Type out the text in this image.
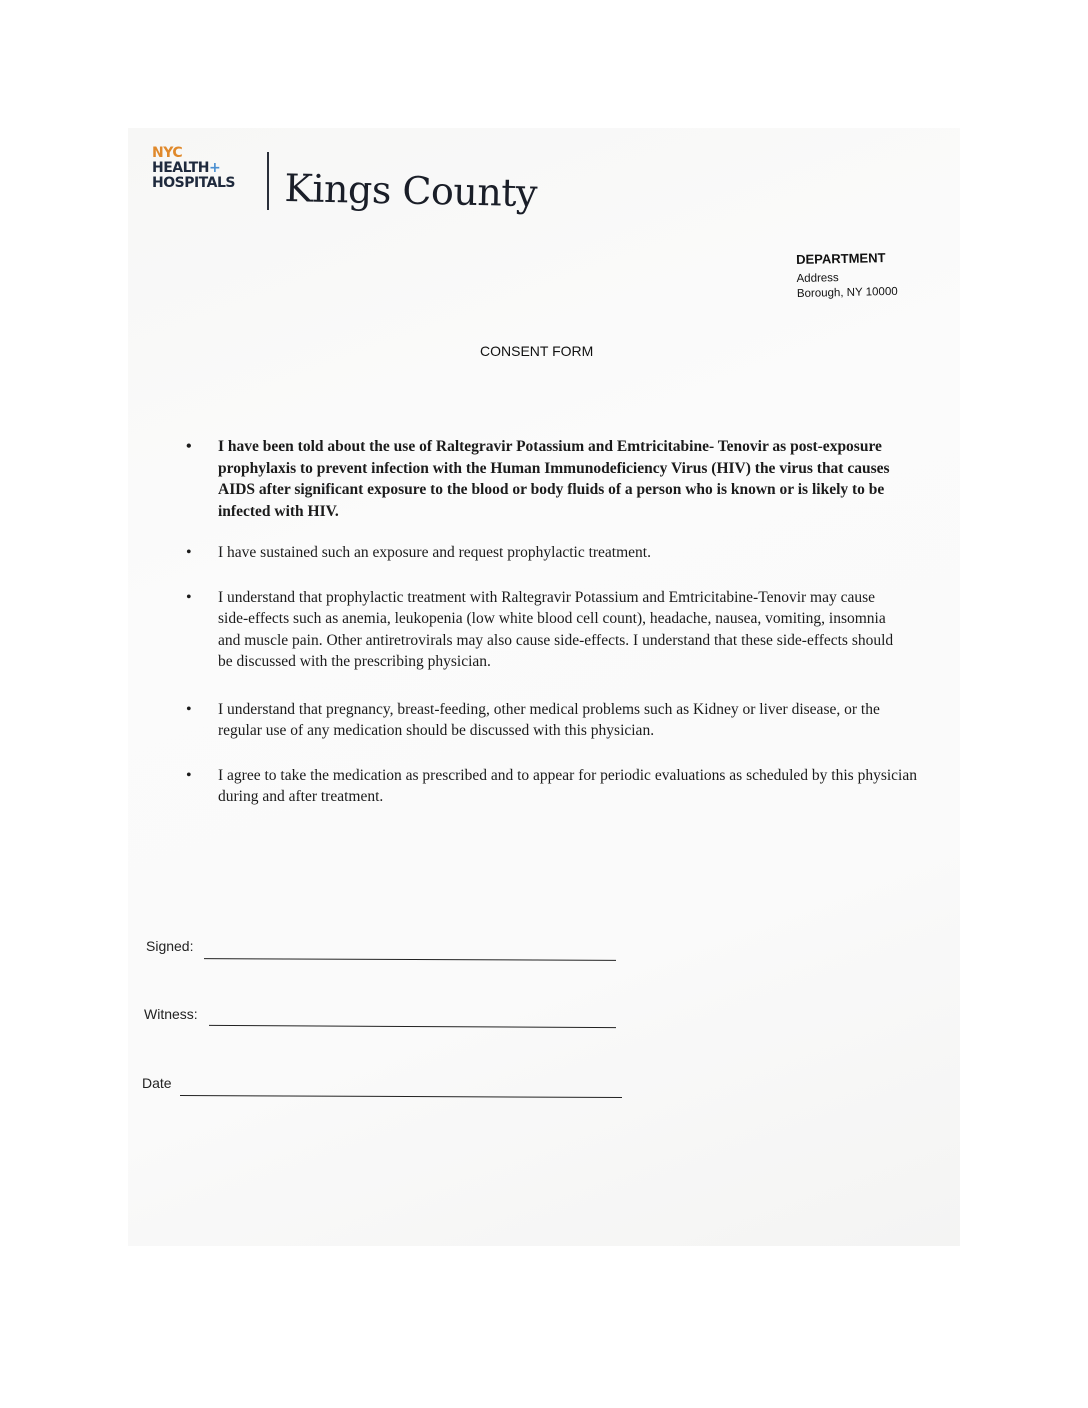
NYC
HEALTH+
HOSPITALS Kings County
DEPARTMENT
Address
Borough, NY 10000
CONSENT FORM
• I have been told about the use of Raltegravir Potassium and Emtricitabine- Tenovir as post-exposure prophylaxis to prevent infection with the Human Immunodeficiency Virus (HIV) the virus that causes AIDS after significant exposure to the blood or body fluids of a person who is known or is likely to be infected with HIV.
• I have sustained such an exposure and request prophylactic treatment.
• I understand that prophylactic treatment with Raltegravir Potassium and Emtricitabine-Tenovir may cause side-effects such as anemia, leukopenia (low white blood cell count), headache, nausea, vomiting, insomnia and muscle pain. Other antiretrovirals may also cause side-effects. I understand that these side-effects should be discussed with the prescribing physician.
• I understand that pregnancy, breast-feeding, other medical problems such as Kidney or liver disease, or the regular use of any medication should be discussed with this physician.
• I agree to take the medication as prescribed and to appear for periodic evaluations as scheduled by this physician during and after treatment.
Signed:
Witness:
Date
